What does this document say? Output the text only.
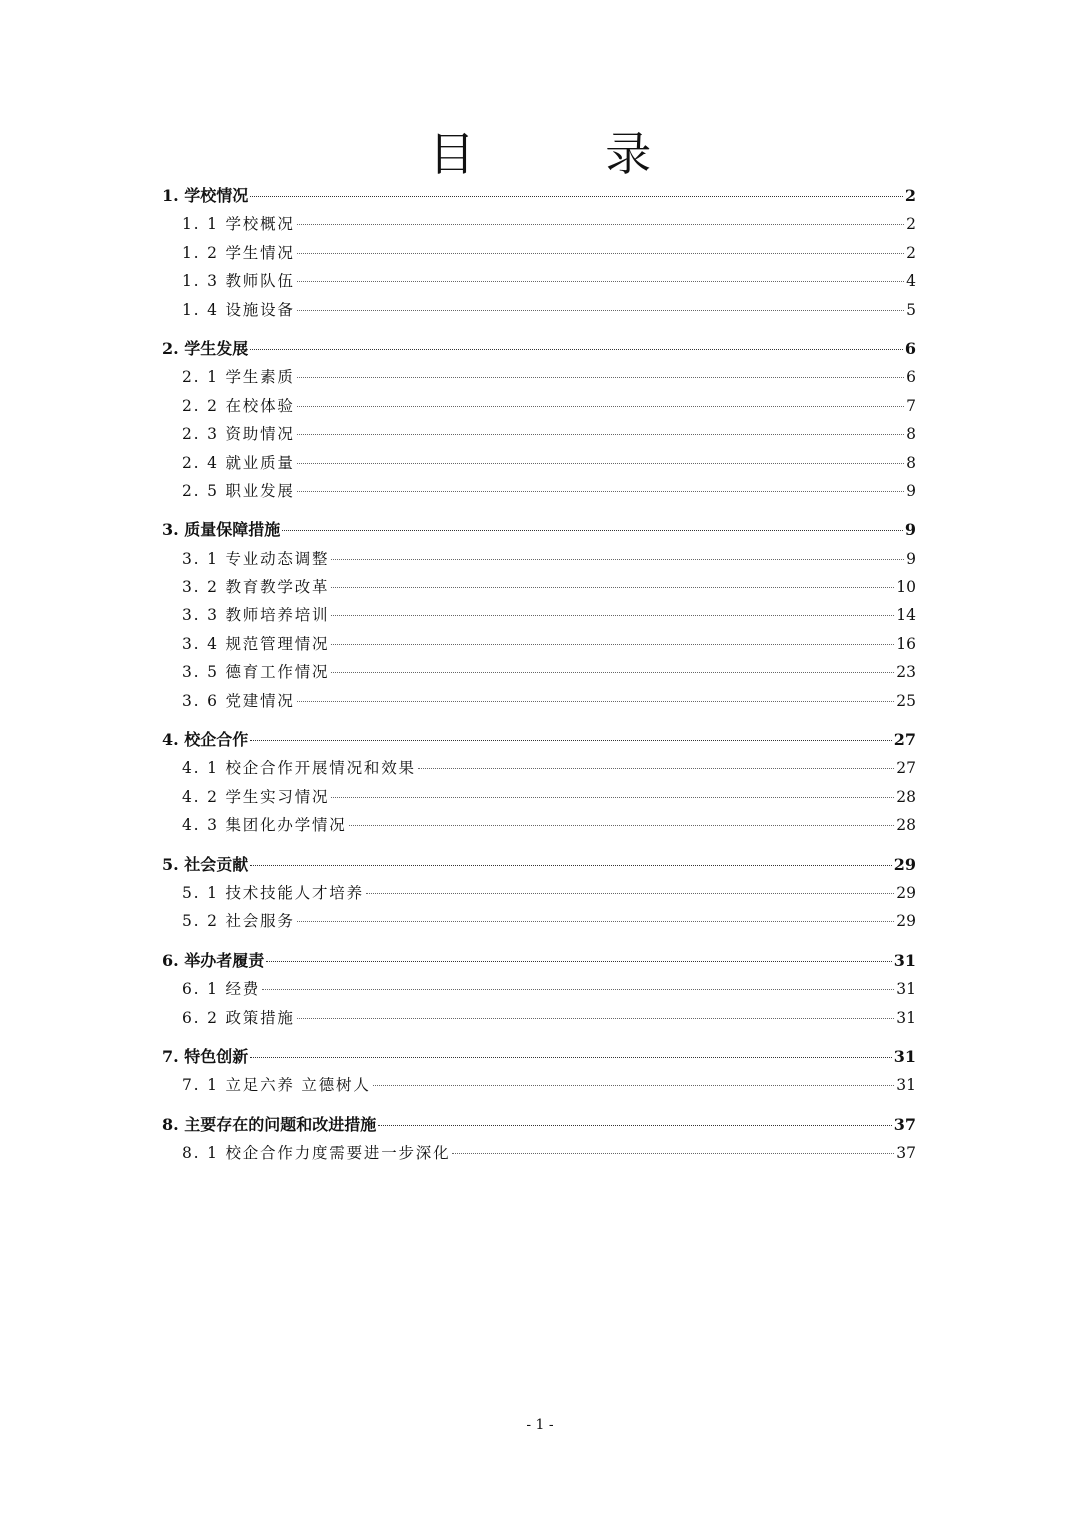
目 录
1. 学校情况	2
1. 1 学校概况	2
1. 2 学生情况	2
1. 3 教师队伍	4
1. 4 设施设备	5
2. 学生发展	6
2. 1 学生素质	6
2. 2 在校体验	7
2. 3 资助情况	8
2. 4 就业质量	8
2. 5 职业发展	9
3. 质量保障措施	9
3. 1 专业动态调整	9
3. 2 教育教学改革	10
3. 3 教师培养培训	14
3. 4 规范管理情况	16
3. 5 德育工作情况	23
3. 6 党建情况	25
4. 校企合作	27
4. 1 校企合作开展情况和效果	27
4. 2 学生实习情况	28
4. 3 集团化办学情况	28
5. 社会贡献	29
5. 1 技术技能人才培养	29
5. 2 社会服务	29
6. 举办者履责	31
6. 1 经费	31
6. 2 政策措施	31
7. 特色创新	31
7. 1 立足六养 立德树人	31
8. 主要存在的问题和改进措施	37
8. 1 校企合作力度需要进一步深化	37
- 1 -
